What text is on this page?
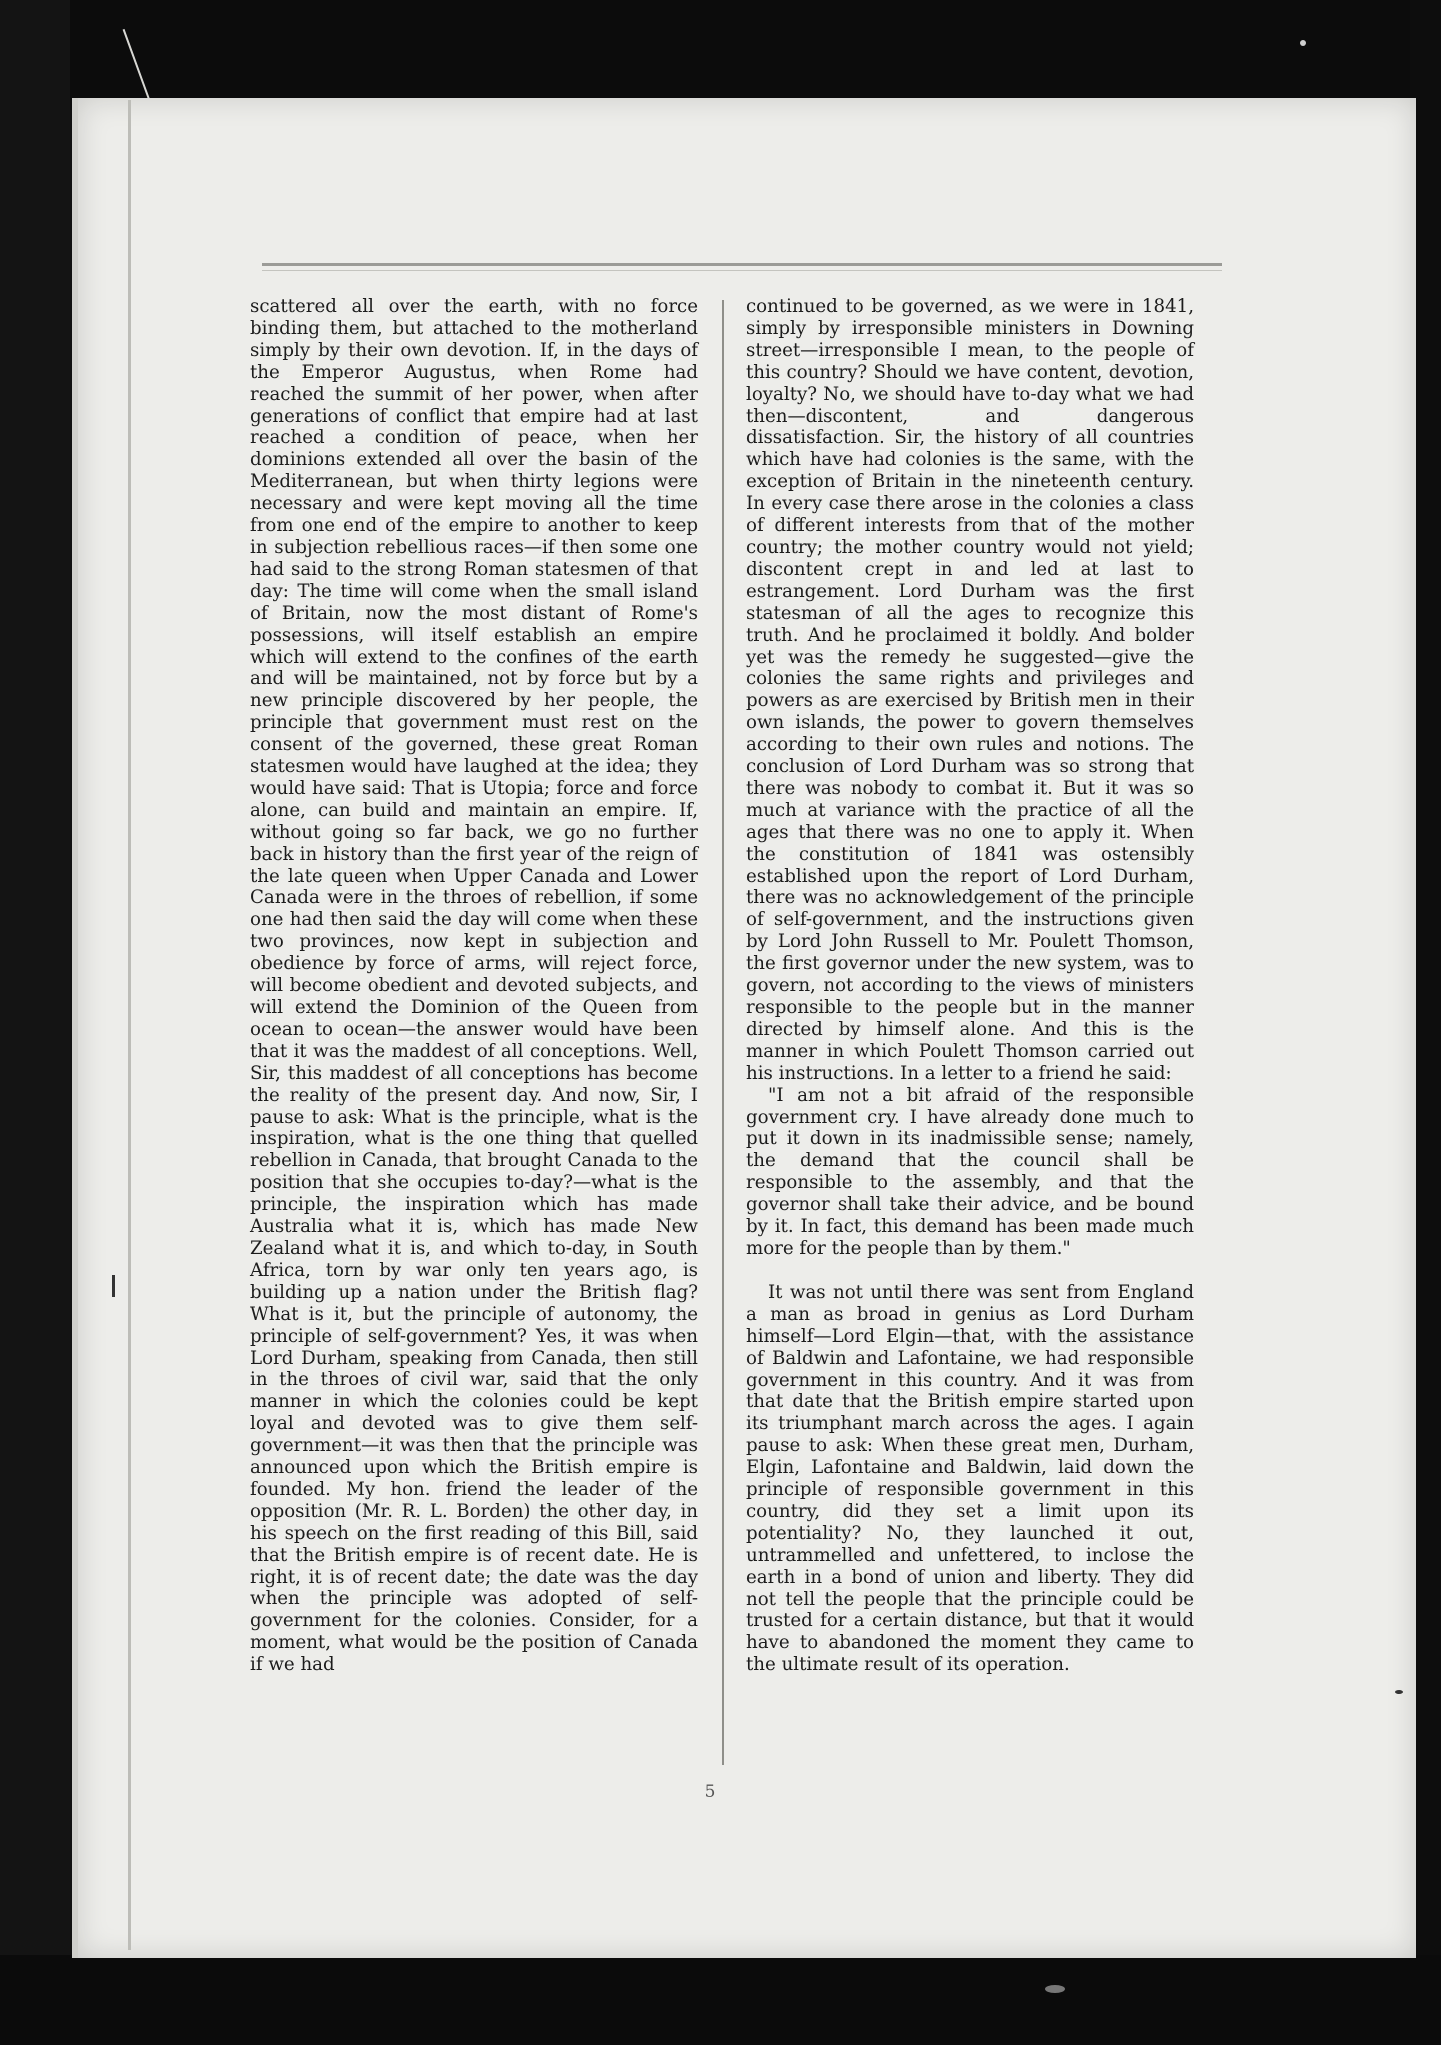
scattered all over the earth, with no force binding them, but attached to the motherland simply by their own devotion. If, in the days of the Emperor Augustus, when Rome had reached the summit of her power, when after generations of conflict that empire had at last reached a condition of peace, when her dominions extended all over the basin of the Mediterranean, but when thirty legions were necessary and were kept moving all the time from one end of the empire to another to keep in subjection rebellious races—if then some one had said to the strong Roman statesmen of that day: The time will come when the small island of Britain, now the most distant of Rome's possessions, will itself establish an empire which will extend to the confines of the earth and will be maintained, not by force but by a new principle discovered by her people, the principle that government must rest on the consent of the governed, these great Roman statesmen would have laughed at the idea; they would have said: That is Utopia; force and force alone, can build and maintain an empire. If, without going so far back, we go no further back in history than the first year of the reign of the late queen when Upper Canada and Lower Canada were in the throes of rebellion, if some one had then said the day will come when these two provinces, now kept in subjection and obedience by force of arms, will reject force, will become obedient and devoted subjects, and will extend the Dominion of the Queen from ocean to ocean—the answer would have been that it was the maddest of all conceptions. Well, Sir, this maddest of all conceptions has become the reality of the present day. And now, Sir, I pause to ask: What is the principle, what is the inspiration, what is the one thing that quelled rebellion in Canada, that brought Canada to the position that she occupies to-day?—what is the principle, the inspiration which has made Australia what it is, which has made New Zealand what it is, and which to-day, in South Africa, torn by war only ten years ago, is building up a nation under the British flag? What is it, but the principle of autonomy, the principle of self-government? Yes, it was when Lord Durham, speaking from Canada, then still in the throes of civil war, said that the only manner in which the colonies could be kept loyal and devoted was to give them self-government—it was then that the principle was announced upon which the British empire is founded. My hon. friend the leader of the opposition (Mr. R. L. Borden) the other day, in his speech on the first reading of this Bill, said that the British empire is of recent date. He is right, it is of recent date; the date was the day when the principle was adopted of self-government for the colonies. Consider, for a moment, what would be the position of Canada if we had

continued to be governed, as we were in 1841, simply by irresponsible ministers in Downing street—irresponsible I mean, to the people of this country? Should we have content, devotion, loyalty? No, we should have to-day what we had then—discontent, and dangerous dissatisfaction. Sir, the history of all countries which have had colonies is the same, with the exception of Britain in the nineteenth century. In every case there arose in the colonies a class of different interests from that of the mother country; the mother country would not yield; discontent crept in and led at last to estrangement. Lord Durham was the first statesman of all the ages to recognize this truth. And he proclaimed it boldly. And bolder yet was the remedy he suggested—give the colonies the same rights and privileges and powers as are exercised by British men in their own islands, the power to govern themselves according to their own rules and notions. The conclusion of Lord Durham was so strong that there was nobody to combat it. But it was so much at variance with the practice of all the ages that there was no one to apply it. When the constitution of 1841 was ostensibly established upon the report of Lord Durham, there was no acknowledgement of the principle of self-government, and the instructions given by Lord John Russell to Mr. Poulett Thomson, the first governor under the new system, was to govern, not according to the views of ministers responsible to the people but in the manner directed by himself alone. And this is the manner in which Poulett Thomson carried out his instructions. In a letter to a friend he said:

"I am not a bit afraid of the responsible government cry. I have already done much to put it down in its inadmissible sense; namely, the demand that the council shall be responsible to the assembly, and that the governor shall take their advice, and be bound by it. In fact, this demand has been made much more for the people than by them."

It was not until there was sent from England a man as broad in genius as Lord Durham himself—Lord Elgin—that, with the assistance of Baldwin and Lafontaine, we had responsible government in this country. And it was from that date that the British empire started upon its triumphant march across the ages. I again pause to ask: When these great men, Durham, Elgin, Lafontaine and Baldwin, laid down the principle of responsible government in this country, did they set a limit upon its potentiality? No, they launched it out, untrammelled and unfettered, to inclose the earth in a bond of union and liberty. They did not tell the people that the principle could be trusted for a certain distance, but that it would have to abandoned the moment they came to the ultimate result of its operation.

5
